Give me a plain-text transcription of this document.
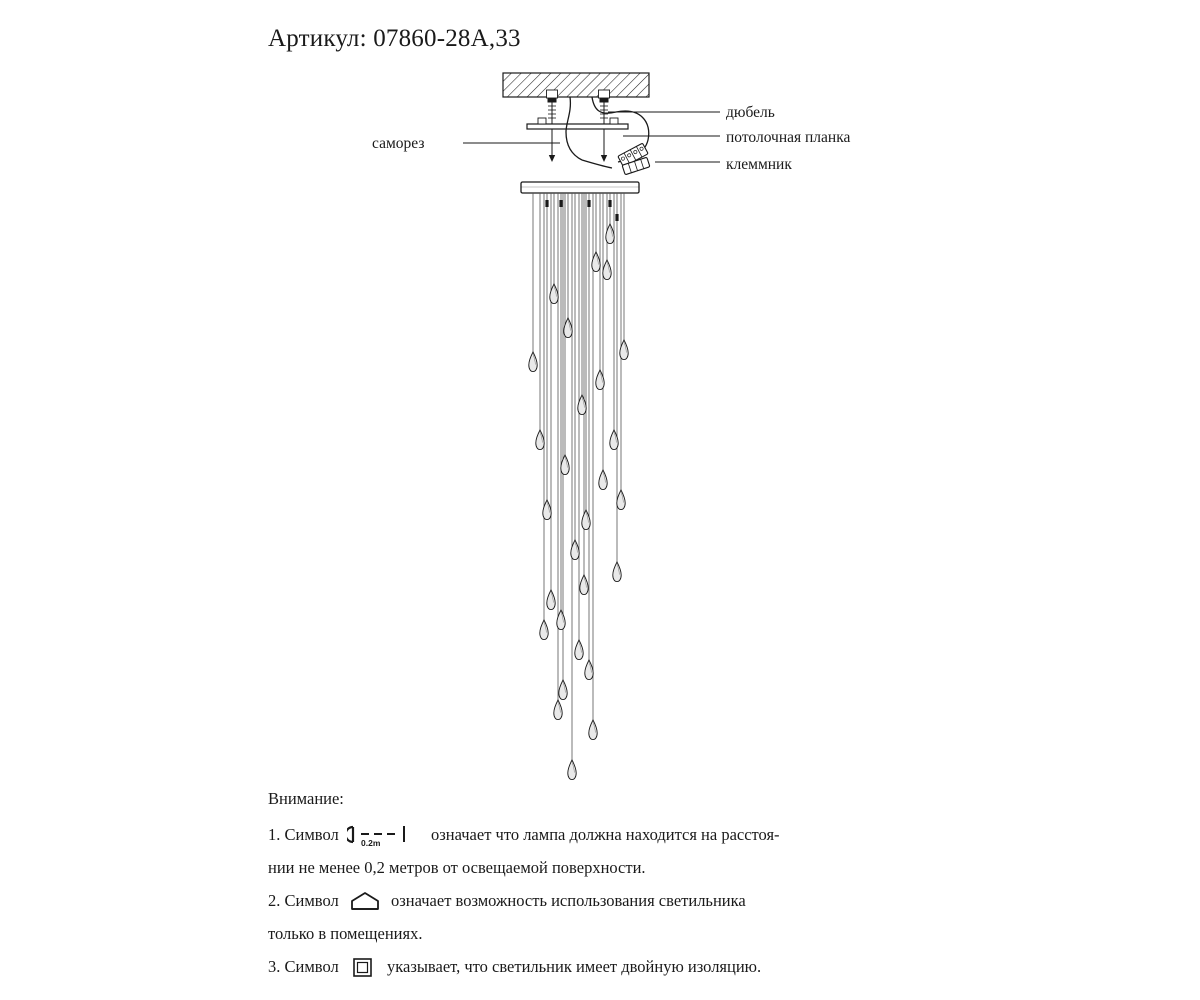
Артикул: 07860-28A,33
дюбель
потолочная планка
клеммник
саморез
Внимание:
1. Символ	0.2m	означает что лампа должна находится на расстоя-
нии не менее 0,2 метров от освещаемой поверхности.
2. Символ	означает возможность использования светильника
только в помещениях.
3. Символ	указывает, что светильник имеет двойную изоляцию.
